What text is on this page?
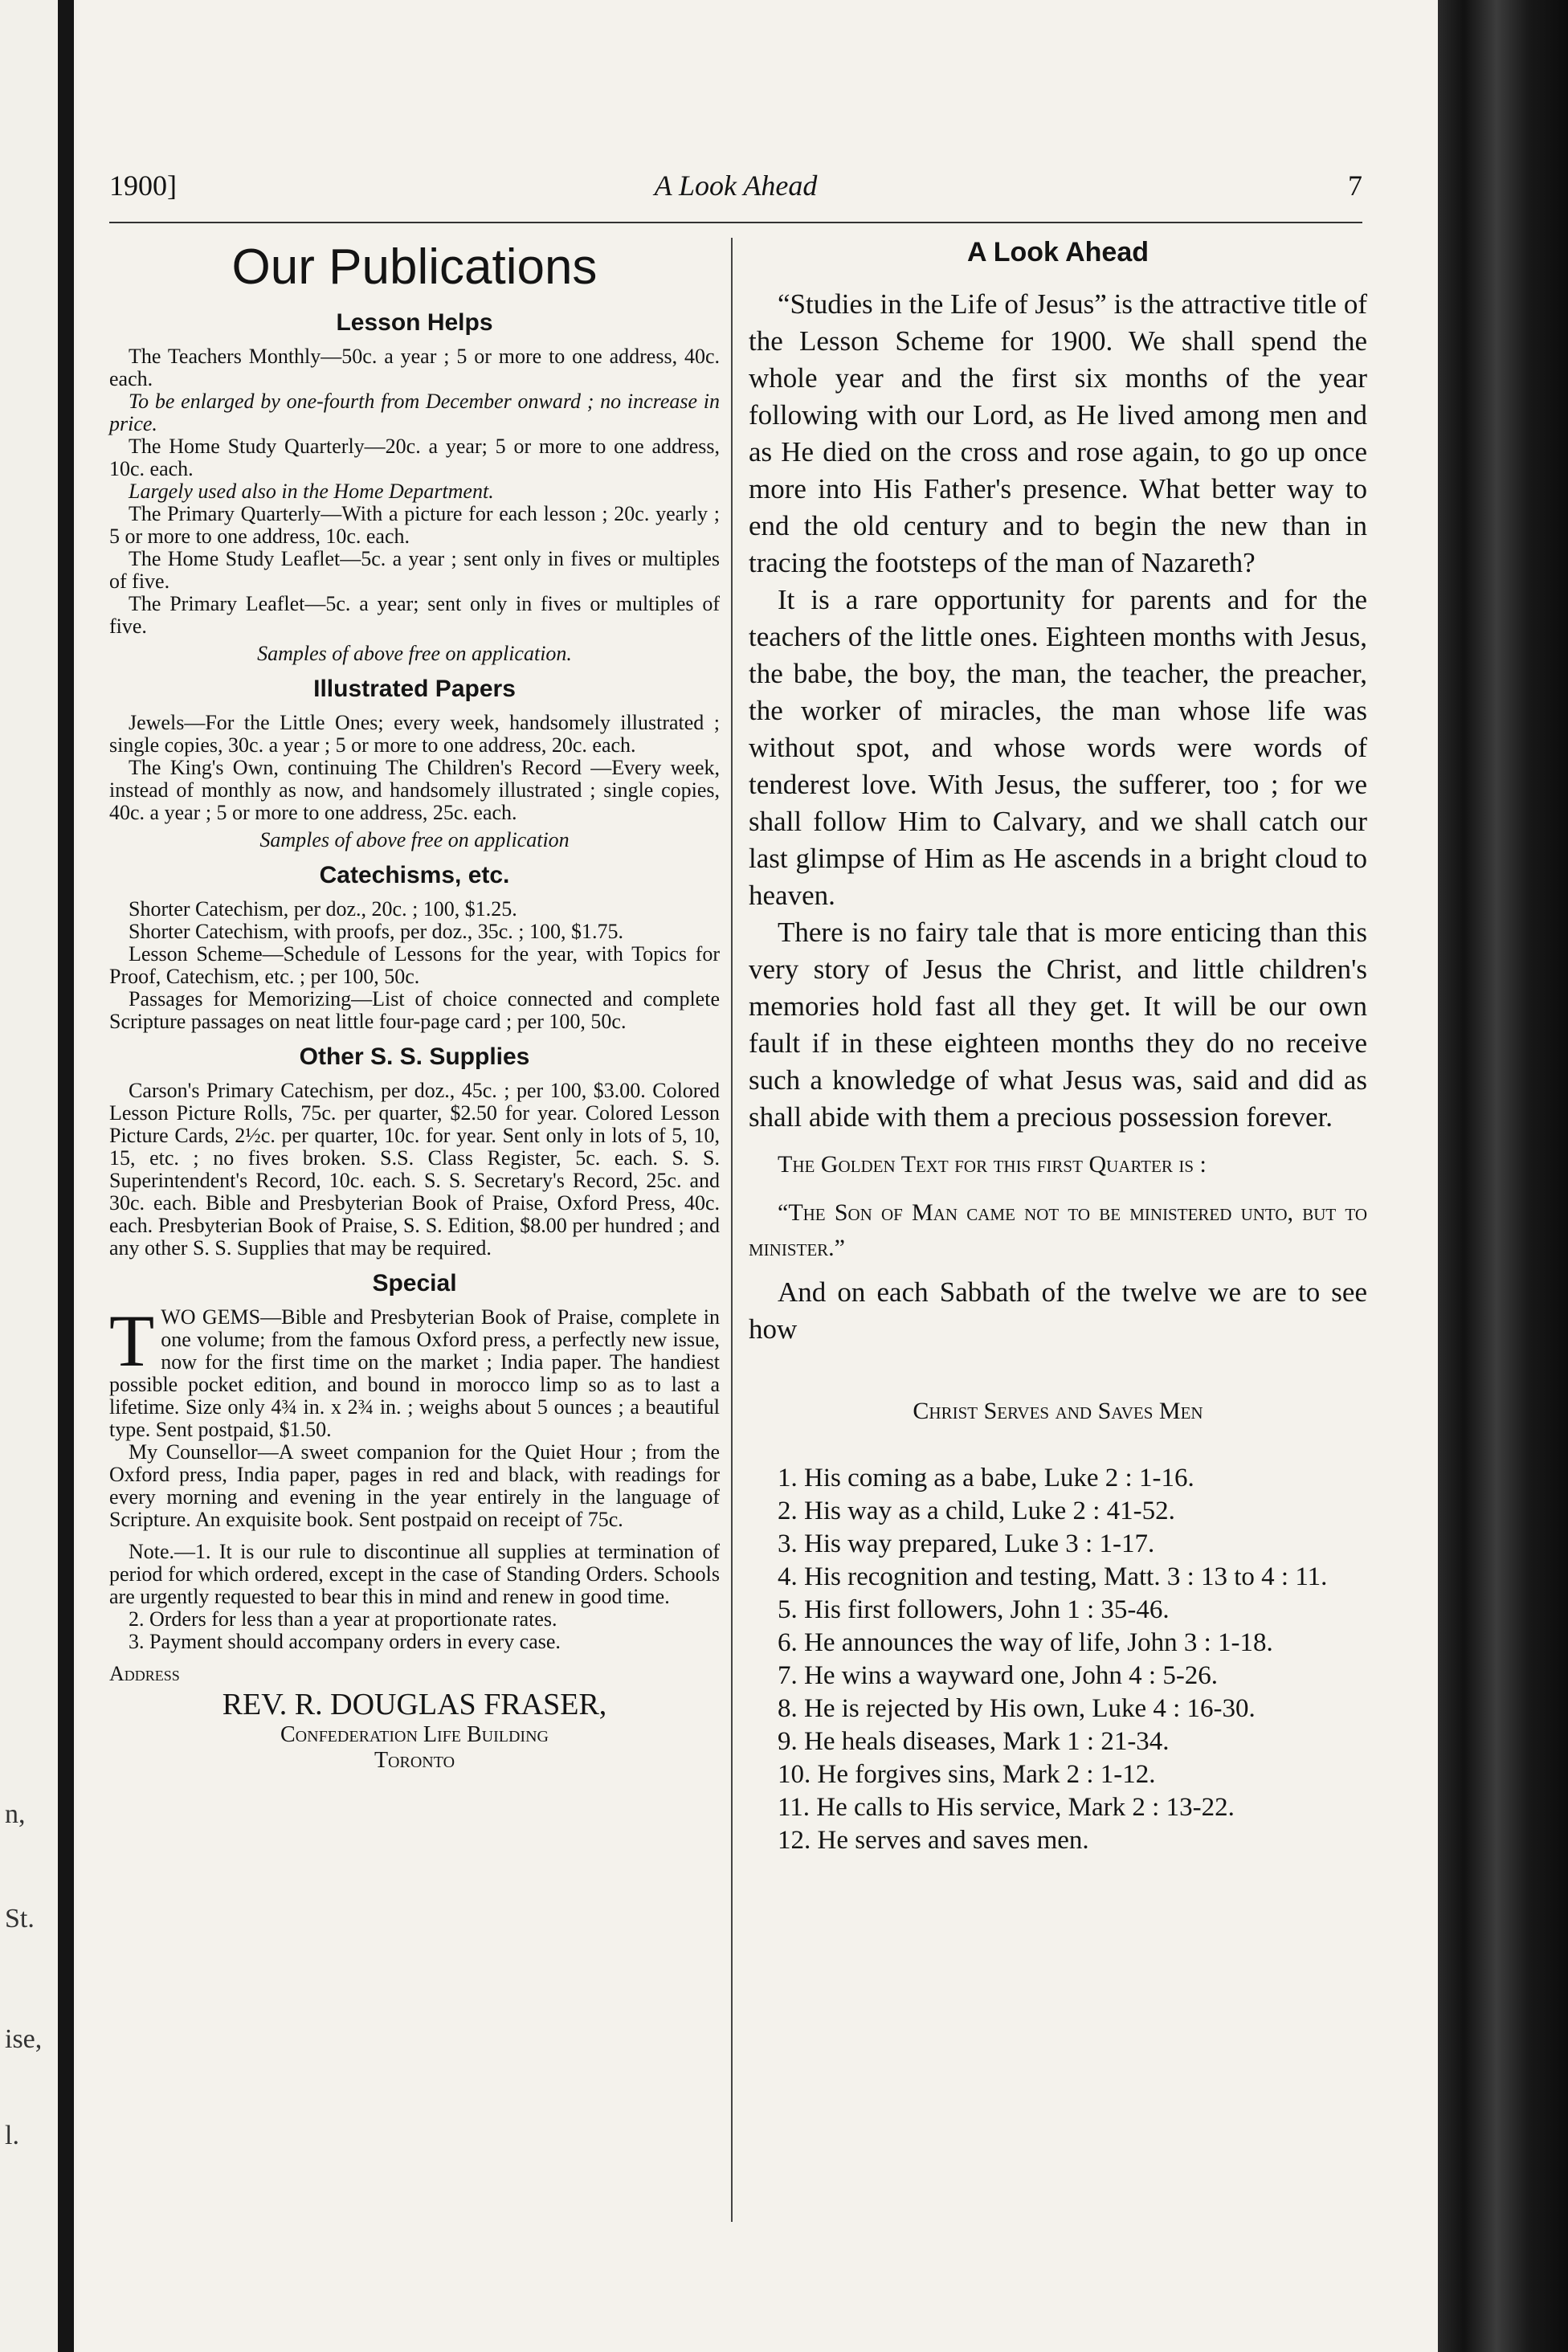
n,
St.
ise,
l.
A Look Ahead
1900]	7
Our Publications
Lesson Helps

The Teachers Monthly—50c. a year ; 5 or more to one address, 40c. each.

To be enlarged by one-fourth from December onward ; no increase in price.

The Home Study Quarterly—20c. a year; 5 or more to one address, 10c. each.

Largely used also in the Home Department.

The Primary Quarterly—With a picture for each lesson ; 20c. yearly ; 5 or more to one address, 10c. each.

The Home Study Leaflet—5c. a year ; sent only in fives or multiples of five.

The Primary Leaflet—5c. a year; sent only in fives or multiples of five.

Samples of above free on application.

Illustrated Papers

Jewels—For the Little Ones; every week, handsomely illustrated ; single copies, 30c. a year ; 5 or more to one address, 20c. each.

The King's Own, continuing The Children's Record —Every week, instead of monthly as now, and handsomely illustrated ; single copies, 40c. a year ; 5 or more to one address, 25c. each.

Samples of above free on application

Catechisms, etc.

Shorter Catechism, per doz., 20c. ; 100, $1.25.

Shorter Catechism, with proofs, per doz., 35c. ; 100, $1.75.

Lesson Scheme—Schedule of Lessons for the year, with Topics for Proof, Catechism, etc. ; per 100, 50c.

Passages for Memorizing—List of choice connected and complete Scripture passages on neat little four-page card ; per 100, 50c.

Other S. S. Supplies

Carson's Primary Catechism, per doz., 45c. ; per 100, $3.00. Colored Lesson Picture Rolls, 75c. per quarter, $2.50 for year. Colored Lesson Picture Cards, 2½c. per quarter, 10c. for year. Sent only in lots of 5, 10, 15, etc. ; no fives broken. S.S. Class Register, 5c. each. S. S. Superintendent's Record, 10c. each. S. S. Secretary's Record, 25c. and 30c. each. Bible and Presbyterian Book of Praise, Oxford Press, 40c. each. Presbyterian Book of Praise, S. S. Edition, $8.00 per hundred ; and any other S. S. Supplies that may be required.

Special

TWO GEMS—Bible and Presbyterian Book of Praise, complete in one volume; from the famous Oxford press, a perfectly new issue, now for the first time on the market ; India paper. The handiest possible pocket edition, and bound in morocco limp so as to last a lifetime. Size only 4¾ in. x 2¾ in. ; weighs about 5 ounces ; a beautiful type. Sent postpaid, $1.50.

My Counsellor—A sweet companion for the Quiet Hour ; from the Oxford press, India paper, pages in red and black, with readings for every morning and evening in the year entirely in the language of Scripture. An exquisite book. Sent postpaid on receipt of 75c.

Note.—1. It is our rule to discontinue all supplies at termination of period for which ordered, except in the case of Standing Orders. Schools are urgently requested to bear this in mind and renew in good time.

2. Orders for less than a year at proportionate rates.

3. Payment should accompany orders in every case.

Address
REV. R. DOUGLAS FRASER,
Confederation Life Building
Toronto
A Look Ahead

“Studies in the Life of Jesus” is the attractive title of the Lesson Scheme for 1900. We shall spend the whole year and the first six months of the year following with our Lord, as He lived among men and as He died on the cross and rose again, to go up once more into His Father's presence. What better way to end the old century and to begin the new than in tracing the footsteps of the man of Nazareth?

It is a rare opportunity for parents and for the teachers of the little ones. Eighteen months with Jesus, the babe, the boy, the man, the teacher, the preacher, the worker of miracles, the man whose life was without spot, and whose words were words of tenderest love. With Jesus, the sufferer, too ; for we shall follow Him to Calvary, and we shall catch our last glimpse of Him as He ascends in a bright cloud to heaven.

There is no fairy tale that is more enticing than this very story of Jesus the Christ, and little children's memories hold fast all they get. It will be our own fault if in these eighteen months they do no receive such a knowledge of what Jesus was, said and did as shall abide with them a precious possession forever.

The Golden Text for this first Quarter is :

“The Son of Man came not to be ministered unto, but to minister.”

And on each Sabbath of the twelve we are to see how

Christ Serves and Saves Men
1. His coming as a babe, Luke 2 : 1-16.
2. His way as a child, Luke 2 : 41-52.
3. His way prepared, Luke 3 : 1-17.
4. His recognition and testing, Matt. 3 : 13 to 4 : 11.
5. His first followers, John 1 : 35-46.
6. He announces the way of life, John 3 : 1-18.
7. He wins a wayward one, John 4 : 5-26.
8. He is rejected by His own, Luke 4 : 16-30.
9. He heals diseases, Mark 1 : 21-34.
10. He forgives sins, Mark 2 : 1-12.
11. He calls to His service, Mark 2 : 13-22.
12. He serves and saves men.
